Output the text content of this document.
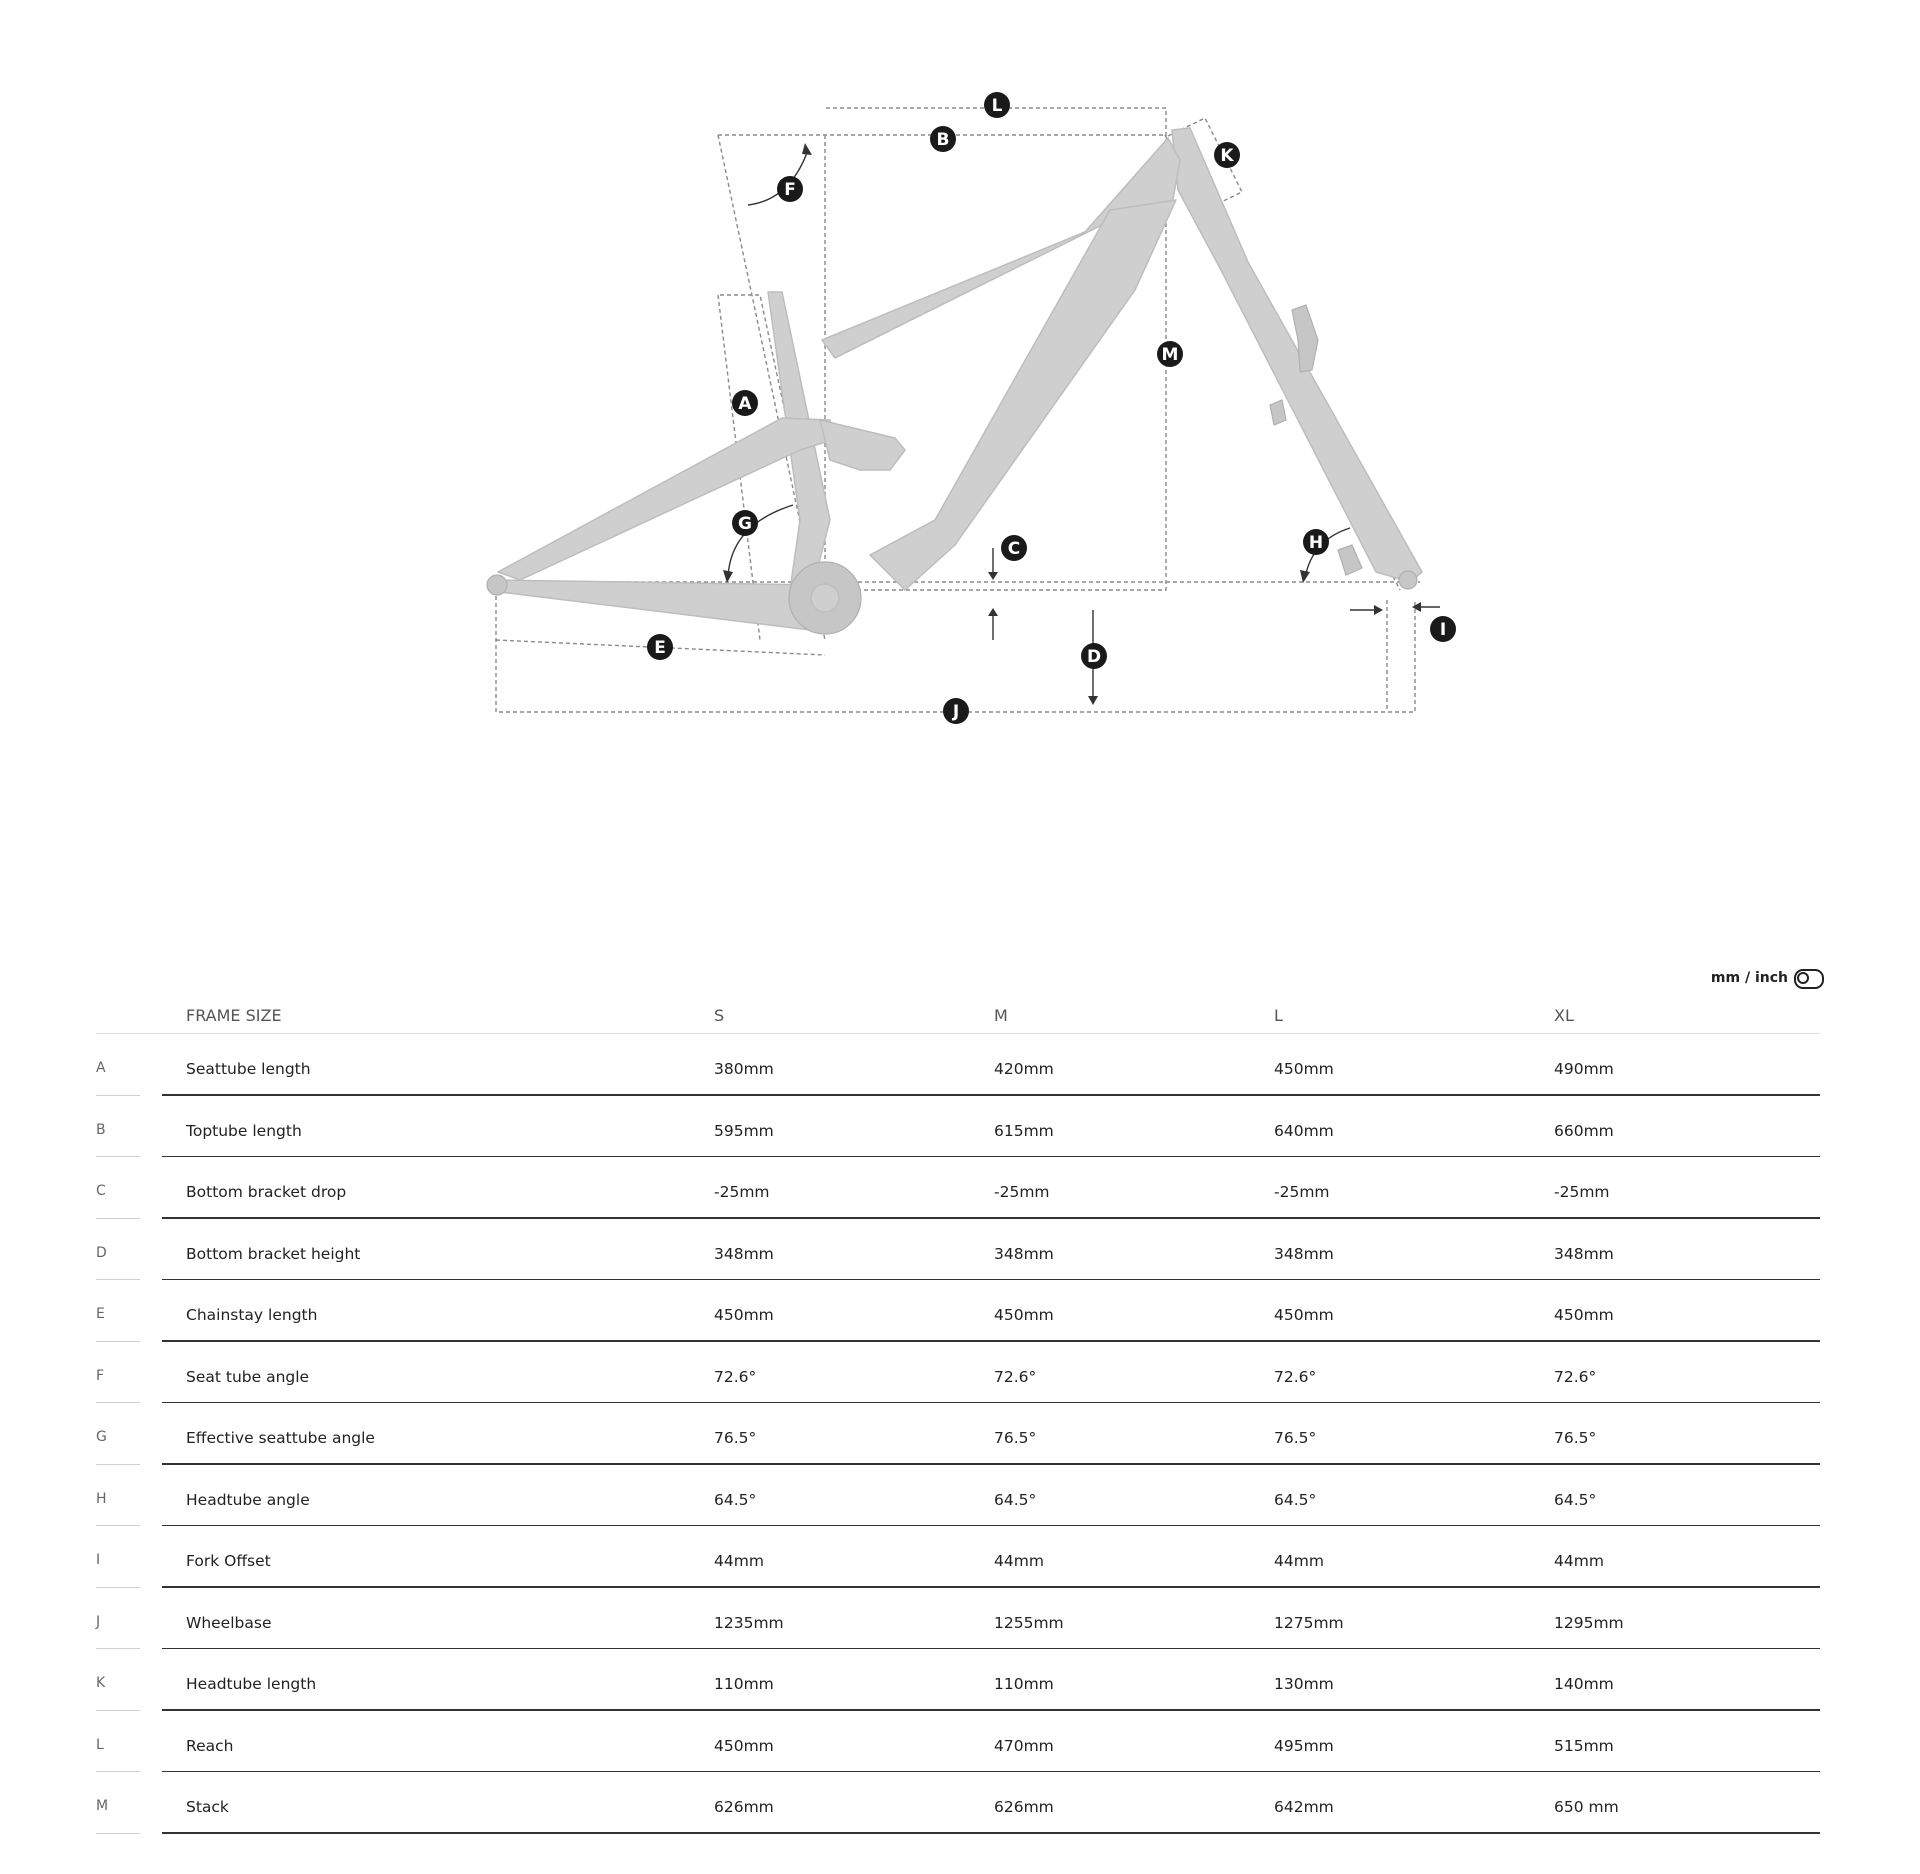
L
B
K
F
M
A
G
C	H
I
D
E
J
mm / inch
FRAME SIZE	S	M	L	XL
A	Seattube length	380mm	420mm	450mm	490mm
B	Toptube length	595mm	615mm	640mm	660mm
C	Bottom bracket drop	-25mm	-25mm	-25mm	-25mm
D	Bottom bracket height	348mm	348mm	348mm	348mm
E	Chainstay length	450mm	450mm	450mm	450mm
F	Seat tube angle	72.6°	72.6°	72.6°	72.6°
G	Effective seattube angle	76.5°	76.5°	76.5°	76.5°
H	Headtube angle	64.5°	64.5°	64.5°	64.5°
I	Fork Offset	44mm	44mm	44mm	44mm
J	Wheelbase	1235mm	1255mm	1275mm	1295mm
K	Headtube length	110mm	110mm	130mm	140mm
L	Reach	450mm	470mm	495mm	515mm
M	Stack	626mm	626mm	642mm	650 mm
